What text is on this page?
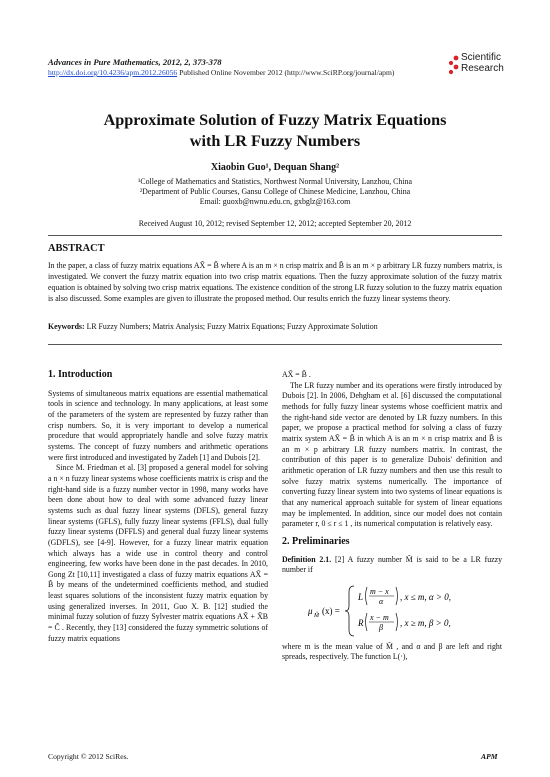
Advances in Pure Mathematics, 2012, 2, 373-378
http://dx.doi.org/10.4236/apm.2012.26056 Published Online November 2012 (http://www.SciRP.org/journal/apm)
Scientific
Research
Approximate Solution of Fuzzy Matrix Equations
with LR Fuzzy Numbers
Xiaobin Guo¹, Dequan Shang²
¹College of Mathematics and Statistics, Northwest Normal University, Lanzhou, China
²Department of Public Courses, Gansu College of Chinese Medicine, Lanzhou, China
Email: guoxb@nwnu.edu.cn, gxbglz@163.com
Received August 10, 2012; revised September 12, 2012; accepted September 20, 2012
ABSTRACT
In the paper, a class of fuzzy matrix equations AX̃ = B̃ where A is an m × n crisp matrix and B̃ is an m × p arbitrary LR fuzzy numbers matrix, is investigated. We convert the fuzzy matrix equation into two crisp matrix equations. Then the fuzzy approximate solution of the fuzzy matrix equation is obtained by solving two crisp matrix equations. The existence condition of the strong LR fuzzy solution to the fuzzy matrix equation is also discussed. Some examples are given to illustrate the proposed method. Our results enrich the fuzzy linear systems theory.
Keywords: LR Fuzzy Numbers; Matrix Analysis; Fuzzy Matrix Equations; Fuzzy Approximate Solution
1. Introduction

Systems of simultaneous matrix equations are essential mathematical tools in science and technology. In many applications, at least some of the parameters of the system are represented by fuzzy rather than crisp numbers. So, it is very important to develop a numerical procedure that would appropriately handle and solve fuzzy matrix systems. The concept of fuzzy numbers and arithmetic operations were first introduced and investigated by Zadeh [1] and Dubois [2].

Since M. Friedman et al. [3] proposed a general model for solving a n × n fuzzy linear systems whose coefficients matrix is crisp and the right-hand side is a fuzzy number vector in 1998, many works have been done about how to deal with some advanced fuzzy linear systems such as dual fuzzy linear systems (DFLS), general fuzzy linear systems (GFLS), fully fuzzy linear systems (FFLS), dual fully fuzzy linear systems (DFFLS) and general dual fuzzy linear systems (GDFLS), see [4-9]. However, for a fuzzy linear matrix equation which always has a wide use in control theory and control engineering, few works have been done in the past decades. In 2010, Gong Zt [10,11] investigated a class of fuzzy matrix equations AX̃ = B̃ by means of the undetermined coefficients method, and studied least squares solutions of the inconsistent fuzzy matrix equation by using generalized inverses. In 2011, Guo X. B. [12] studied the minimal fuzzy solution of fuzzy Sylvester matrix equations AX̃ + X̃B = C̃ . Recently, they [13] considered the fuzzy symmetric solutions of fuzzy matrix equations

AX̃ = B̃ .

The LR fuzzy number and its operations were firstly introduced by Dubois [2]. In 2006, Dehgham et al. [6] discussed the computational methods for fully fuzzy linear systems whose coefficient matrix and the right-hand side vector are denoted by LR fuzzy numbers. In this paper, we propose a practical method for solving a class of fuzzy matrix system AX̃ = B̃ in which A is an m × n crisp matrix and B̃ is an m × p arbitrary LR fuzzy numbers matrix. In contrast, the contribution of this paper is to generalize Dubois' definition and arithmetic operation of LR fuzzy numbers and then use this result to solve fuzzy matrix systems numerically. The importance of converting fuzzy linear system into two systems of linear equations is that any numerical approach suitable for system of linear equations may be implemented. In addition, since our model does not contain parameter r, 0 ≤ r ≤ 1 , its numerical computation is relatively easy.

2. Preliminaries

Definition 2.1. [2] A fuzzy number M̃ is said to be a LR fuzzy number if

μ M̃ (x) =
L
m − x
α , x ≤ m, α > 0,
R
x − m
β , x ≥ m, β > 0,

where m is the mean value of M̃ , and α and β are left and right spreads, respectively. The function L(·),

Copyright © 2012 SciRes.	APM
